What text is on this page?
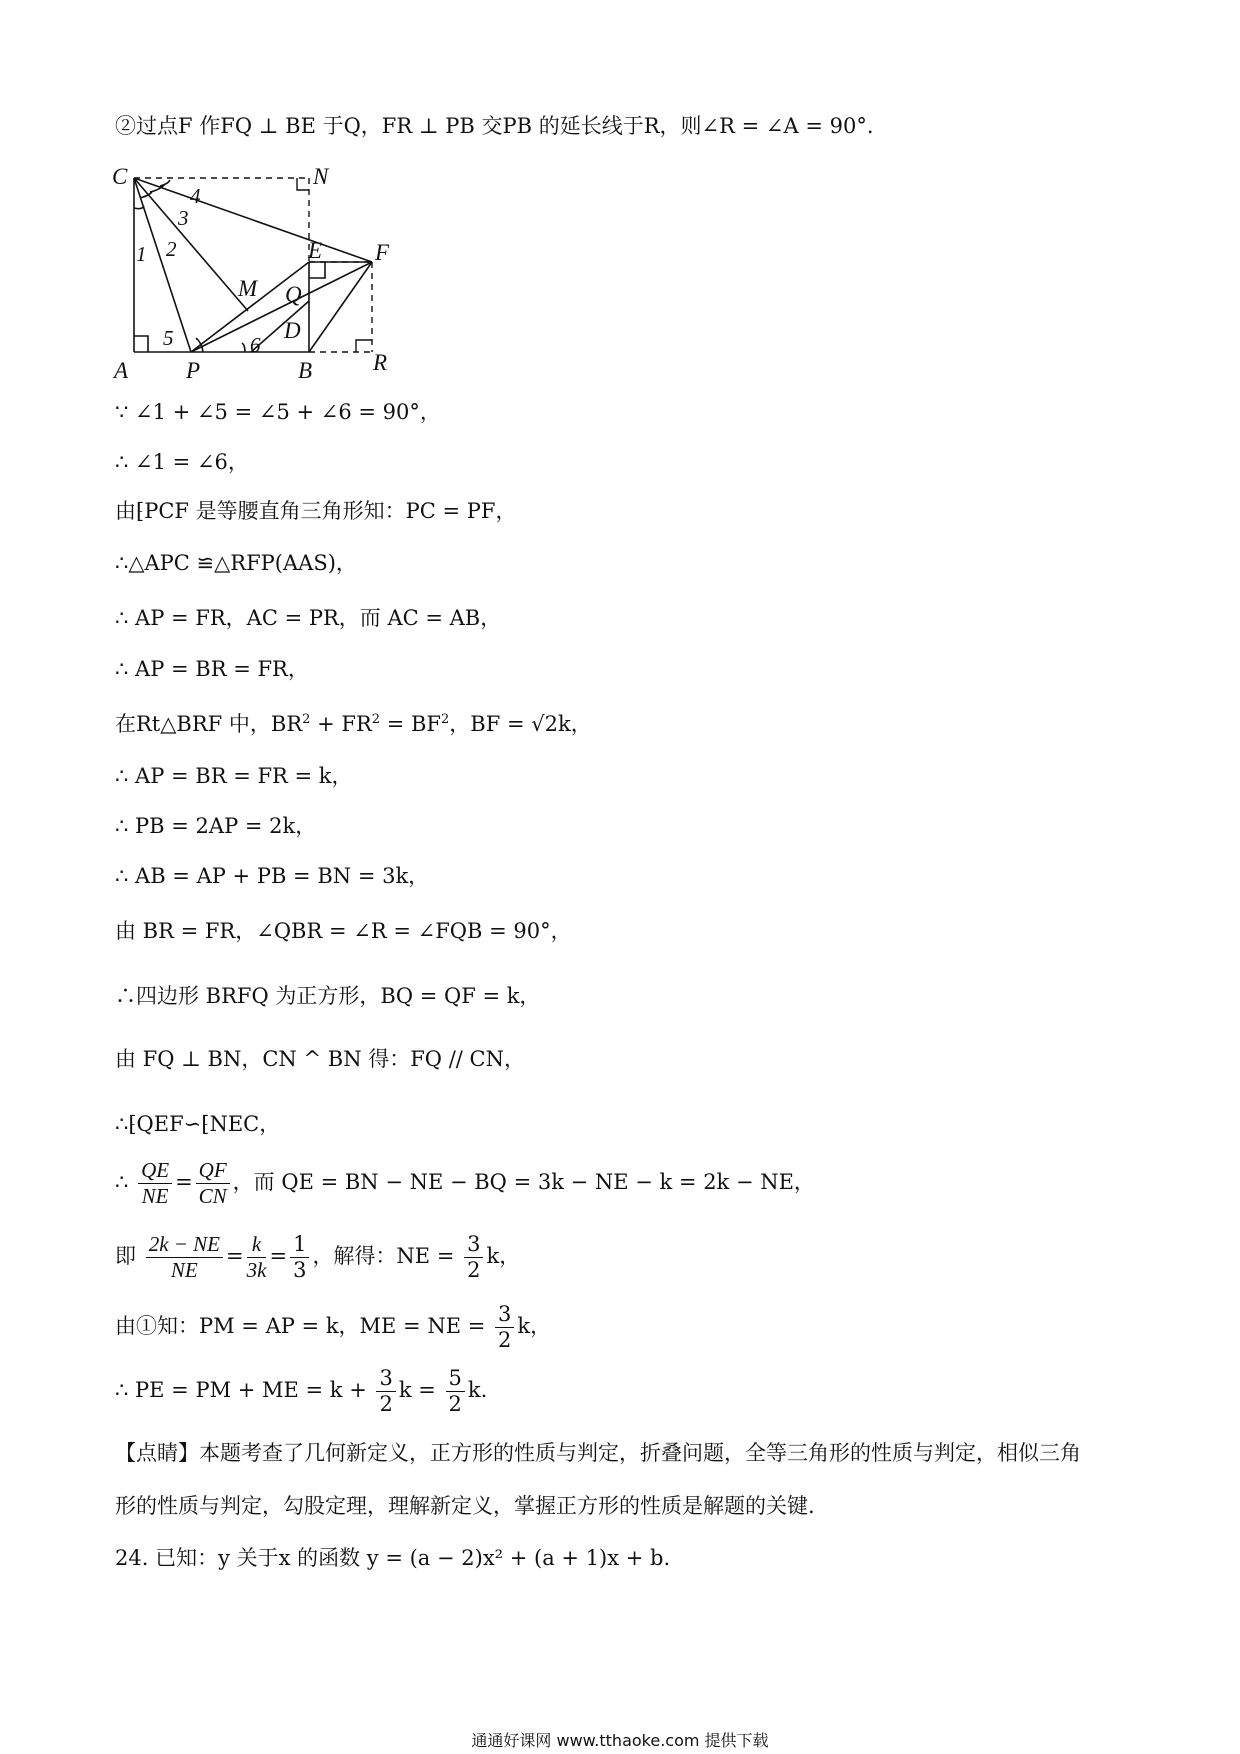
②过点F 作FQ ⊥ BE 于Q，FR ⊥ PB 交PB 的延长线于R，则∠R = ∠A = 90°.
C	N
E F
M Q
D
A	P	B	R
1 2
3
4
5	6
∵ ∠1 + ∠5 = ∠5 + ∠6 = 90°，
∴ ∠1 = ∠6，
由⁅PCF 是等腰直角三角形知：PC = PF，
∴△APC ≌△RFP(AAS)，
∴ AP = FR，AC = PR，而 AC = AB，
∴ AP = BR = FR，
在Rt△BRF 中，$BR^2 + FR^2 = BF^2$，BF = √2k，
∴ AP = BR = FR = k，
∴ PB = 2AP = 2k，
∴ AB = AP + PB = BN = 3k，
由 BR = FR，∠QBR = ∠R = ∠FQB = 90°，
∴四边形 BRFQ 为正方形，BQ = QF = k，
由 FQ ⊥ BN，CN ^ BN 得：FQ // CN，
∴⁅QEF∽⁅NEC，
∴ $\frac{QE}{NE} = \frac{QF}{CN}$ ，而 QE = BN − NE − BQ = 3k − NE − k = 2k − NE，
即 $\frac{2k - NE}{NE} = \frac{k}{3k} = \frac{1}{3}$ ，解得：NE = $\frac{3}{2}$ k，
由①知：PM = AP = k，ME = NE = $\frac{3}{2}$ k，
∴ PE = PM + ME = $k + \frac{3}{2}$ $k = \frac{5}{2} k$.
【点睛】本题考查了几何新定义，正方形的性质与判定，折叠问题，全等三角形的性质与判定，相似三角
形的性质与判定，勾股定理，理解新定义，掌握正方形的性质是解题的关键.
24. 已知：y 关于x 的函数 y = (a − 2)x² + (a + 1)x + b.
通通好课网 www.tthaoke.com 提供下载
